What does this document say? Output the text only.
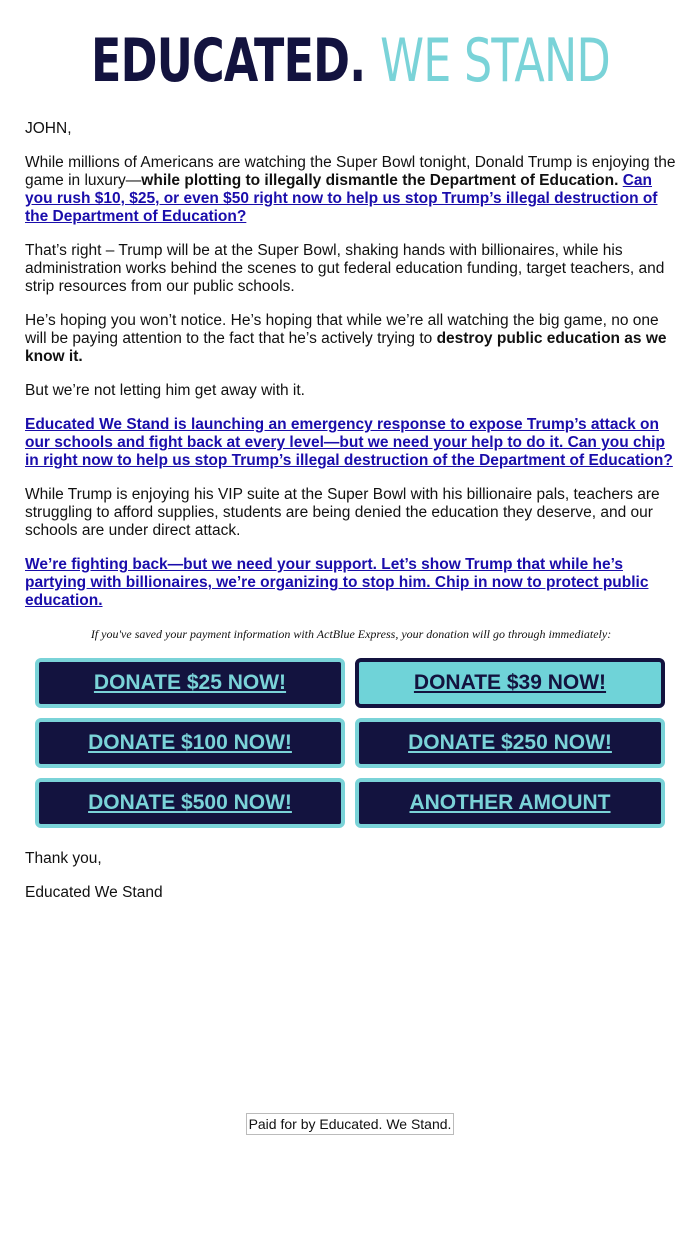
EDUCATED. WE STAND

JOHN,

While millions of Americans are watching the Super Bowl tonight, Donald Trump is enjoying the game in luxury—while plotting to illegally dismantle the Department of Education. Can you rush $10, $25, or even $50 right now to help us stop Trump’s illegal destruction of the Department of Education?

That’s right – Trump will be at the Super Bowl, shaking hands with billionaires, while his administration works behind the scenes to gut federal education funding, target teachers, and strip resources from our public schools.

He’s hoping you won’t notice. He’s hoping that while we’re all watching the big game, no one will be paying attention to the fact that he’s actively trying to destroy public education as we know it.

But we’re not letting him get away with it.

Educated We Stand is launching an emergency response to expose Trump’s attack on our schools and fight back at every level—but we need your help to do it. Can you chip in right now to help us stop Trump’s illegal destruction of the Department of Education?

While Trump is enjoying his VIP suite at the Super Bowl with his billionaire pals, teachers are struggling to afford supplies, students are being denied the education they deserve, and our schools are under direct attack.

We’re fighting back—but we need your support. Let’s show Trump that while he’s partying with billionaires, we’re organizing to stop him. Chip in now to protect public education.

If you've saved your payment information with ActBlue Express, your donation will go through immediately:
DONATE $25 NOW!	DONATE $39 NOW!
DONATE $100 NOW!	DONATE $250 NOW!
DONATE $500 NOW!	ANOTHER AMOUNT

Thank you,

Educated We Stand

Paid for by Educated. We Stand.
